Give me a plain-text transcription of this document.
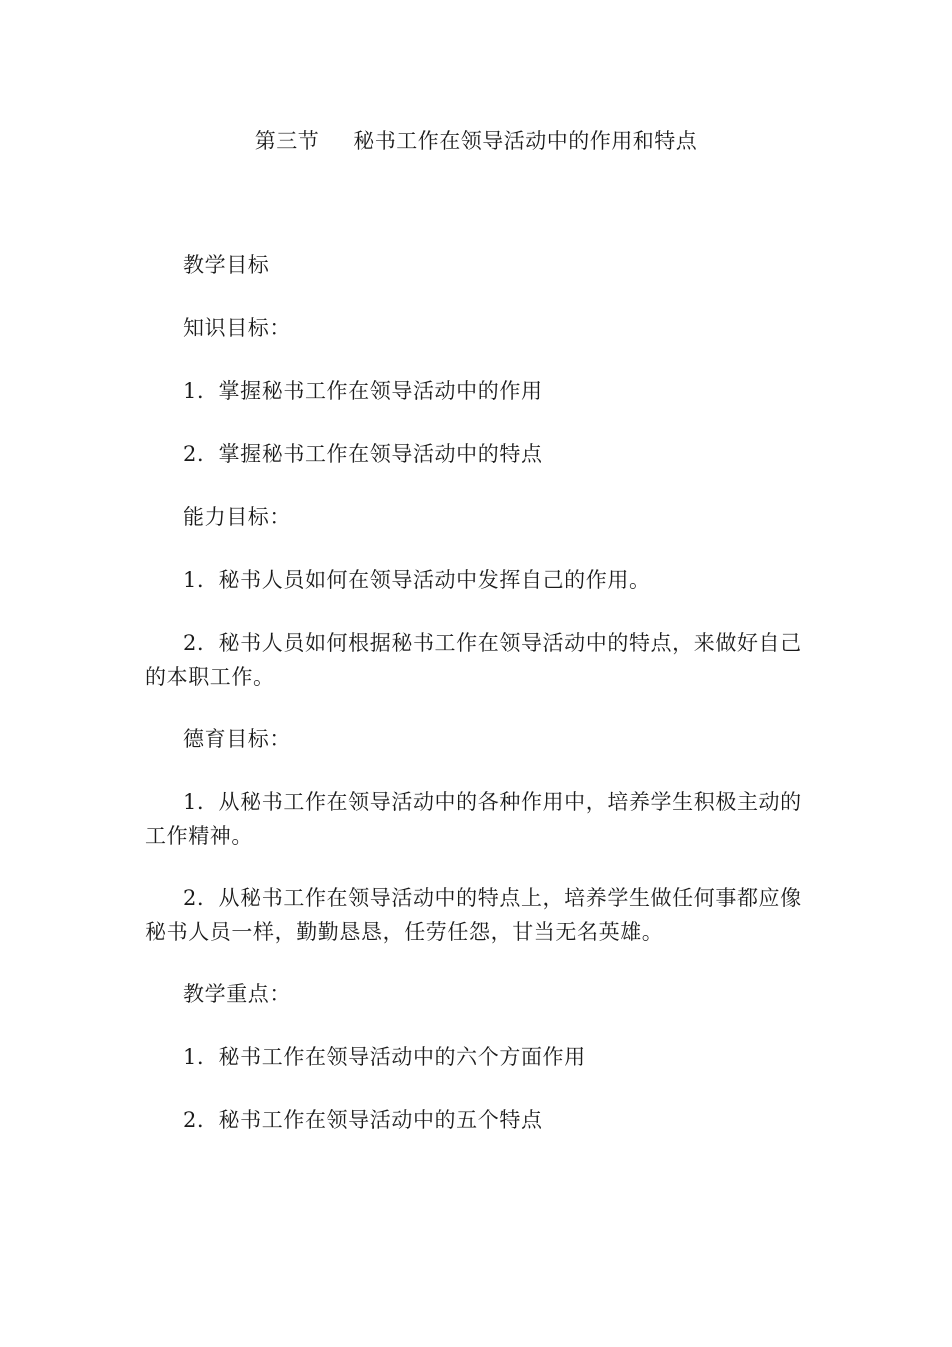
第三节 秘书工作在领导活动中的作用和特点

教学目标

知识目标：

1．掌握秘书工作在领导活动中的作用

2．掌握秘书工作在领导活动中的特点

能力目标：

1．秘书人员如何在领导活动中发挥自己的作用。

2．秘书人员如何根据秘书工作在领导活动中的特点，来做好自己的本职工作。

德育目标：

1．从秘书工作在领导活动中的各种作用中，培养学生积极主动的工作精神。

2．从秘书工作在领导活动中的特点上，培养学生做任何事都应像秘书人员一样，勤勤恳恳，任劳任怨，甘当无名英雄。

教学重点：

1．秘书工作在领导活动中的六个方面作用

2．秘书工作在领导活动中的五个特点
